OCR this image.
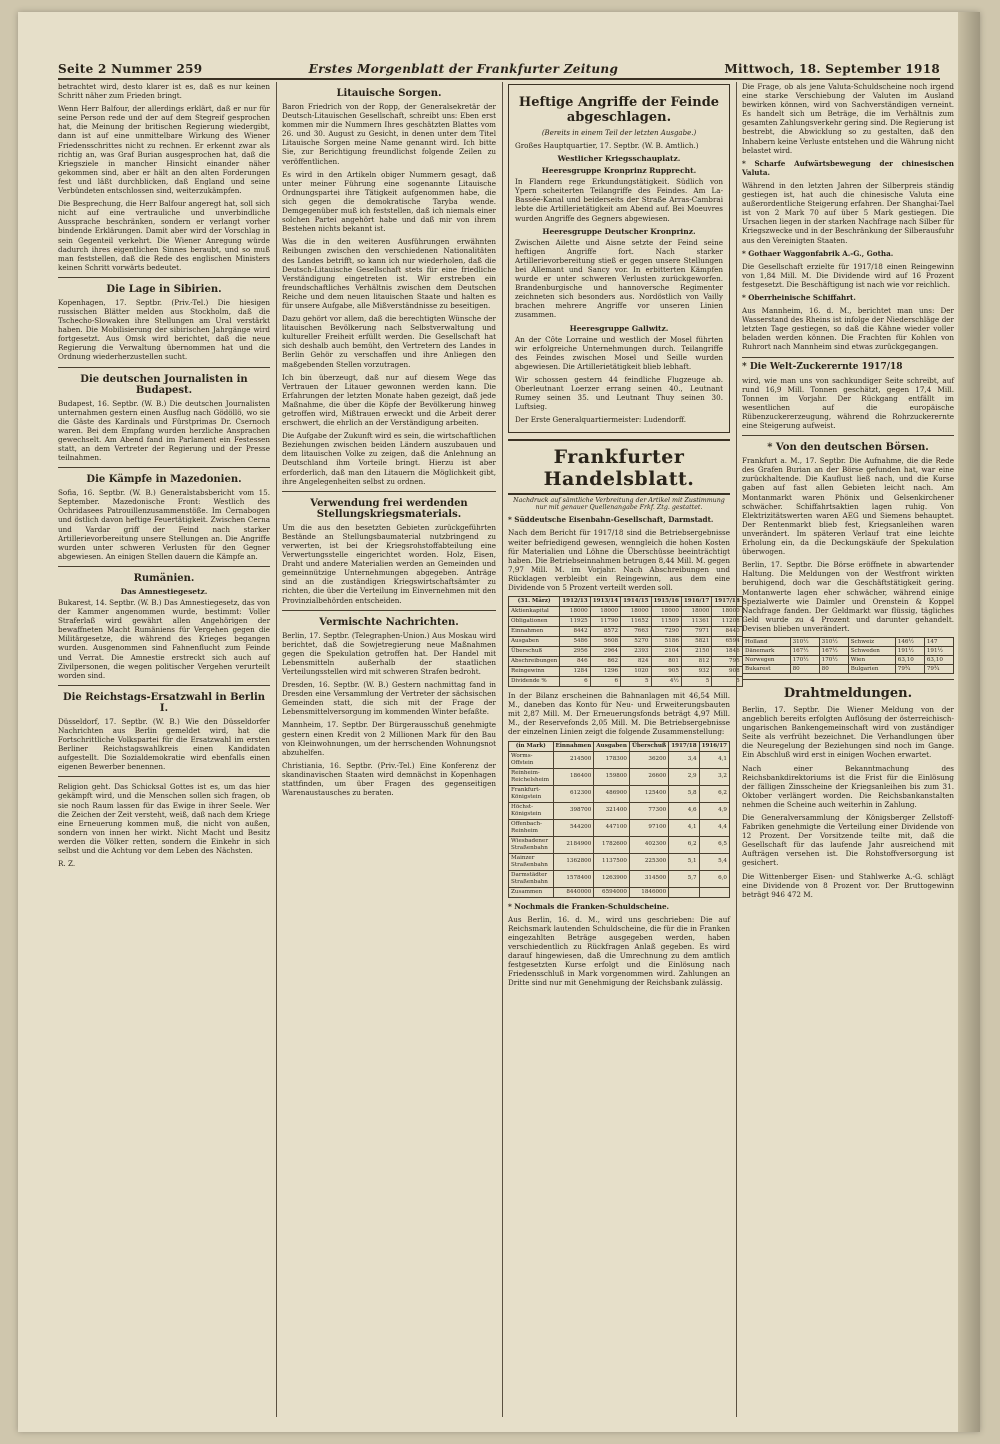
Seite 2 Nummer 259	Erstes Morgenblatt der Frankfurter Zeitung	Mittwoch, 18. September 1918

betrachtet wird, desto klarer ist es, daß es nur keinen Schritt näher zum Frieden bringt.

Wenn Herr Balfour, der allerdings erklärt, daß er nur für seine Person rede und der auf dem Stegreif gesprochen hat, die Meinung der britischen Regierung wiedergibt, dann ist auf eine unmittelbare Wirkung des Wiener Friedensschrittes nicht zu rechnen. Er erkennt zwar als richtig an, was Graf Burian ausgesprochen hat, daß die Kriegsziele in mancher Hinsicht einander näher gekommen sind, aber er hält an den alten Forderungen fest und läßt durchblicken, daß England und seine Verbündeten entschlossen sind, weiterzukämpfen.

Die Besprechung, die Herr Balfour angeregt hat, soll sich nicht auf eine vertrauliche und unverbindliche Aussprache beschränken, sondern er verlangt vorher bindende Erklärungen. Damit aber wird der Vorschlag in sein Gegenteil verkehrt. Die Wiener Anregung würde dadurch ihres eigentlichen Sinnes beraubt, und so muß man feststellen, daß die Rede des englischen Ministers keinen Schritt vorwärts bedeutet.

Die Lage in Sibirien.

Kopenhagen, 17. Septbr. (Priv.-Tel.) Die hiesigen russischen Blätter melden aus Stockholm, daß die Tschecho-Slowaken ihre Stellungen am Ural verstärkt haben. Die Mobilisierung der sibirischen Jahrgänge wird fortgesetzt. Aus Omsk wird berichtet, daß die neue Regierung die Verwaltung übernommen hat und die Ordnung wiederherzustellen sucht.

Die deutschen Journalisten in Budapest.

Budapest, 16. Septbr. (W. B.) Die deutschen Journalisten unternahmen gestern einen Ausflug nach Gödöllö, wo sie die Gäste des Kardinals und Fürstprimas Dr. Csernoch waren. Bei dem Empfang wurden herzliche Ansprachen gewechselt. Am Abend fand im Parlament ein Festessen statt, an dem Vertreter der Regierung und der Presse teilnahmen.

Die Kämpfe in Mazedonien.

Sofia, 16. Septbr. (W. B.) Generalstabsbericht vom 15. September. Mazedonische Front: Westlich des Ochridasees Patrouillenzusammenstöße. Im Cernabogen und östlich davon heftige Feuertätigkeit. Zwischen Cerna und Vardar griff der Feind nach starker Artillerievorbereitung unsere Stellungen an. Die Angriffe wurden unter schweren Verlusten für den Gegner abgewiesen. An einigen Stellen dauern die Kämpfe an.

Rumänien.
Das Amnestiegesetz.

Bukarest, 14. Septbr. (W. B.) Das Amnestiegesetz, das von der Kammer angenommen wurde, bestimmt: Voller Straferlaß wird gewährt allen Angehörigen der bewaffneten Macht Rumäniens für Vergehen gegen die Militärgesetze, die während des Krieges begangen wurden. Ausgenommen sind Fahnenflucht zum Feinde und Verrat. Die Amnestie erstreckt sich auch auf Zivilpersonen, die wegen politischer Vergehen verurteilt worden sind.

Die Reichstags-Ersatzwahl in Berlin I.

Düsseldorf, 17. Septbr. (W. B.) Wie den Düsseldorfer Nachrichten aus Berlin gemeldet wird, hat die Fortschrittliche Volkspartei für die Ersatzwahl im ersten Berliner Reichstagswahlkreis einen Kandidaten aufgestellt. Die Sozialdemokratie wird ebenfalls einen eigenen Bewerber benennen.

Religion geht. Das Schicksal Gottes ist es, um das hier gekämpft wird, und die Menschen sollen sich fragen, ob sie noch Raum lassen für das Ewige in ihrer Seele. Wer die Zeichen der Zeit versteht, weiß, daß nach dem Kriege eine Erneuerung kommen muß, die nicht von außen, sondern von innen her wirkt. Nicht Macht und Besitz werden die Völker retten, sondern die Einkehr in sich selbst und die Achtung vor dem Leben des Nächsten.

R. Z.

Litauische Sorgen.

Baron Friedrich von der Ropp, der Generalsekretär der Deutsch-Litauischen Gesellschaft, schreibt uns: Eben erst kommen mir die Nummern Ihres geschätzten Blattes vom 26. und 30. August zu Gesicht, in denen unter dem Titel Litauische Sorgen meine Name genannt wird. Ich bitte Sie, zur Berichtigung freundlichst folgende Zeilen zu veröffentlichen.

Es wird in den Artikeln obiger Nummern gesagt, daß unter meiner Führung eine sogenannte Litauische Ordnungspartei ihre Tätigkeit aufgenommen habe, die sich gegen die demokratische Taryba wende. Demgegenüber muß ich feststellen, daß ich niemals einer solchen Partei angehört habe und daß mir von ihrem Bestehen nichts bekannt ist.

Was die in den weiteren Ausführungen erwähnten Reibungen zwischen den verschiedenen Nationalitäten des Landes betrifft, so kann ich nur wiederholen, daß die Deutsch-Litauische Gesellschaft stets für eine friedliche Verständigung eingetreten ist. Wir erstreben ein freundschaftliches Verhältnis zwischen dem Deutschen Reiche und dem neuen litauischen Staate und halten es für unsere Aufgabe, alle Mißverständnisse zu beseitigen.

Dazu gehört vor allem, daß die berechtigten Wünsche der litauischen Bevölkerung nach Selbstverwaltung und kultureller Freiheit erfüllt werden. Die Gesellschaft hat sich deshalb auch bemüht, den Vertretern des Landes in Berlin Gehör zu verschaffen und ihre Anliegen den maßgebenden Stellen vorzutragen.

Ich bin überzeugt, daß nur auf diesem Wege das Vertrauen der Litauer gewonnen werden kann. Die Erfahrungen der letzten Monate haben gezeigt, daß jede Maßnahme, die über die Köpfe der Bevölkerung hinweg getroffen wird, Mißtrauen erweckt und die Arbeit derer erschwert, die ehrlich an der Verständigung arbeiten.

Die Aufgabe der Zukunft wird es sein, die wirtschaftlichen Beziehungen zwischen beiden Ländern auszubauen und dem litauischen Volke zu zeigen, daß die Anlehnung an Deutschland ihm Vorteile bringt. Hierzu ist aber erforderlich, daß man den Litauern die Möglichkeit gibt, ihre Angelegenheiten selbst zu ordnen.

Verwendung frei werdenden Stellungskriegsmaterials.

Um die aus den besetzten Gebieten zurückgeführten Bestände an Stellungsbaumaterial nutzbringend zu verwerten, ist bei der Kriegsrohstoffabteilung eine Verwertungsstelle eingerichtet worden. Holz, Eisen, Draht und andere Materialien werden an Gemeinden und gemeinnützige Unternehmungen abgegeben. Anträge sind an die zuständigen Kriegswirtschaftsämter zu richten, die über die Verteilung im Einvernehmen mit den Provinzialbehörden entscheiden.

Vermischte Nachrichten.

Berlin, 17. Septbr. (Telegraphen-Union.) Aus Moskau wird berichtet, daß die Sowjetregierung neue Maßnahmen gegen die Spekulation getroffen hat. Der Handel mit Lebensmitteln außerhalb der staatlichen Verteilungsstellen wird mit schweren Strafen bedroht.

Dresden, 16. Septbr. (W. B.) Gestern nachmittag fand in Dresden eine Versammlung der Vertreter der sächsischen Gemeinden statt, die sich mit der Frage der Lebensmittelversorgung im kommenden Winter befaßte.

Mannheim, 17. Septbr. Der Bürgerausschuß genehmigte gestern einen Kredit von 2 Millionen Mark für den Bau von Kleinwohnungen, um der herrschenden Wohnungsnot abzuhelfen.

Christiania, 16. Septbr. (Priv.-Tel.) Eine Konferenz der skandinavischen Staaten wird demnächst in Kopenhagen stattfinden, um über Fragen des gegenseitigen Warenaustausches zu beraten.

Heftige Angriffe der Feinde abgeschlagen.

(Bereits in einem Teil der letzten Ausgabe.)

Großes Hauptquartier, 17. Septbr. (W. B. Amtlich.)

Westlicher Kriegsschauplatz.
Heeresgruppe Kronprinz Rupprecht.

In Flandern rege Erkundungstätigkeit. Südlich von Ypern scheiterten Teilangriffe des Feindes. Am La-Bassée-Kanal und beiderseits der Straße Arras-Cambrai lebte die Artillerietätigkeit am Abend auf. Bei Moeuvres wurden Angriffe des Gegners abgewiesen.

Heeresgruppe Deutscher Kronprinz.

Zwischen Ailette und Aisne setzte der Feind seine heftigen Angriffe fort. Nach starker Artillerievorbereitung stieß er gegen unsere Stellungen bei Allemant und Sancy vor. In erbitterten Kämpfen wurde er unter schweren Verlusten zurückgeworfen. Brandenburgische und hannoversche Regimenter zeichneten sich besonders aus. Nordöstlich von Vailly brachen mehrere Angriffe vor unseren Linien zusammen.

Heeresgruppe Gallwitz.

An der Côte Lorraine und westlich der Mosel führten wir erfolgreiche Unternehmungen durch. Teilangriffe des Feindes zwischen Mosel und Seille wurden abgewiesen. Die Artillerietätigkeit blieb lebhaft.

Wir schossen gestern 44 feindliche Flugzeuge ab. Oberleutnant Loerzer errang seinen 40., Leutnant Rumey seinen 35. und Leutnant Thuy seinen 30. Luftsieg.

Der Erste Generalquartiermeister: Ludendorff.

Frankfurter Handelsblatt.
Nachdruck auf sämtliche Verbreitung der Artikel mit Zustimmung nur mit genauer Quellenangabe Frkf. Ztg. gestattet.

* Süddeutsche Eisenbahn-Gesellschaft, Darmstadt.

Nach dem Bericht für 1917/18 sind die Betriebsergebnisse weiter befriedigend gewesen, wenngleich die hohen Kosten für Materialien und Löhne die Überschüsse beeinträchtigt haben. Die Betriebseinnahmen betrugen 8,44 Mill. M. gegen 7,97 Mill. M. im Vorjahr. Nach Abschreibungen und Rücklagen verbleibt ein Reingewinn, aus dem eine Dividende von 5 Prozent verteilt werden soll.

(31. März)	1912/13	1913/14	1914/15	1915/16	1916/17	1917/18
Aktienkapital	18000	18000	18000	18000	18000	18000
Obligationen	11925	11790	11652	11509	11361	11208
Einnahmen	8442	8572	7663	7290	7971	8440
Ausgaben	5486	5608	5270	5186	5821	6594
Überschuß	2956	2964	2393	2104	2150	1846
Abschreibungen	846	862	824	801	812	795
Reingewinn	1284	1296	1020	905	932	908
Dividende %	6	6	5	4½	5	5

In der Bilanz erscheinen die Bahnanlagen mit 46,54 Mill. M., daneben das Konto für Neu- und Erweiterungsbauten mit 2,87 Mill. M. Der Erneuerungsfonds beträgt 4,97 Mill. M., der Reservefonds 2,05 Mill. M. Die Betriebsergebnisse der einzelnen Linien zeigt die folgende Zusammenstellung:

(in Mark)	Einnahmen	Ausgaben	Überschuß	1917/18	1916/17
Worms-Offstein	214500	178300	36200	3,4	4,1
Reinheim-Reichelsheim	186400	159800	26600	2,9	3,2
Frankfurt-Königstein	612300	486900	125400	5,8	6,2
Höchst-Königstein	398700	321400	77300	4,6	4,9
Offenbach-Reinheim	544200	447100	97100	4,1	4,4
Wiesbadener Straßenbahn	2184900	1782600	402300	6,2	6,5
Mainzer Straßenbahn	1362800	1137500	225300	5,1	5,4
Darmstädter Straßenbahn	1578400	1263900	314500	5,7	6,0
Zusammen	8440000	6594000	1846000		

* Nochmals die Franken-Schuldscheine.

Aus Berlin, 16. d. M., wird uns geschrieben: Die auf Reichsmark lautenden Schuldscheine, die für die in Franken eingezahlten Beträge ausgegeben werden, haben verschiedentlich zu Rückfragen Anlaß gegeben. Es wird darauf hingewiesen, daß die Umrechnung zu dem amtlich festgesetzten Kurse erfolgt und die Einlösung nach Friedensschluß in Mark vorgenommen wird. Zahlungen an Dritte sind nur mit Genehmigung der Reichsbank zulässig.

Die Frage, ob als jene Valuta-Schuldscheine noch irgend eine starke Verschiebung der Valuten im Ausland bewirken können, wird von Sachverständigen verneint. Es handelt sich um Beträge, die im Verhältnis zum gesamten Zahlungsverkehr gering sind. Die Regierung ist bestrebt, die Abwicklung so zu gestalten, daß den Inhabern keine Verluste entstehen und die Währung nicht belastet wird.

* Scharfe Aufwärtsbewegung der chinesischen Valuta.

Während in den letzten Jahren der Silberpreis ständig gestiegen ist, hat auch die chinesische Valuta eine außerordentliche Steigerung erfahren. Der Shanghai-Tael ist von 2 Mark 70 auf über 5 Mark gestiegen. Die Ursachen liegen in der starken Nachfrage nach Silber für Kriegszwecke und in der Beschränkung der Silberausfuhr aus den Vereinigten Staaten.

* Gothaer Waggonfabrik A.-G., Gotha.

Die Gesellschaft erzielte für 1917/18 einen Reingewinn von 1,84 Mill. M. Die Dividende wird auf 16 Prozent festgesetzt. Die Beschäftigung ist nach wie vor reichlich.

* Oberrheinische Schiffahrt.

Aus Mannheim, 16. d. M., berichtet man uns: Der Wasserstand des Rheins ist infolge der Niederschläge der letzten Tage gestiegen, so daß die Kähne wieder voller beladen werden können. Die Frachten für Kohlen von Ruhrort nach Mannheim sind etwas zurückgegangen.

* Die Welt-Zuckerernte 1917/18

wird, wie man uns von sachkundiger Seite schreibt, auf rund 16,9 Mill. Tonnen geschätzt, gegen 17,4 Mill. Tonnen im Vorjahr. Der Rückgang entfällt im wesentlichen auf die europäische Rübenzuckererzeugung, während die Rohrzuckerernte eine Steigerung aufweist.

* Von den deutschen Börsen.

Frankfurt a. M., 17. Septbr. Die Aufnahme, die die Rede des Grafen Burian an der Börse gefunden hat, war eine zurückhaltende. Die Kauflust ließ nach, und die Kurse gaben auf fast allen Gebieten leicht nach. Am Montanmarkt waren Phönix und Gelsenkirchener schwächer. Schiffahrtsaktien lagen ruhig. Von Elektrizitätswerten waren AEG und Siemens behauptet. Der Rentenmarkt blieb fest, Kriegsanleihen waren unverändert. Im späteren Verlauf trat eine leichte Erholung ein, da die Deckungskäufe der Spekulation überwogen.

Berlin, 17. Septbr. Die Börse eröffnete in abwartender Haltung. Die Meldungen von der Westfront wirkten beruhigend, doch war die Geschäftstätigkeit gering. Montanwerte lagen eher schwächer, während einige Spezialwerte wie Daimler und Orenstein & Koppel Nachfrage fanden. Der Geldmarkt war flüssig, tägliches Geld wurde zu 4 Prozent und darunter gehandelt. Devisen blieben unverändert.

Holland	310½	310½	Schweiz	146½	147
Dänemark	167½	167½	Schweden	191½	191½
Norwegen	170½	170½	Wien	63,10	63,10
Bukarest	80	80	Bulgarien	79¾	79¾
Drahtmeldungen.

Berlin, 17. Septbr. Die Wiener Meldung von der angeblich bereits erfolgten Auflösung der österreichisch-ungarischen Bankengemeinschaft wird von zuständiger Seite als verfrüht bezeichnet. Die Verhandlungen über die Neuregelung der Beziehungen sind noch im Gange. Ein Abschluß wird erst in einigen Wochen erwartet.

Nach einer Bekanntmachung des Reichsbankdirektoriums ist die Frist für die Einlösung der fälligen Zinsscheine der Kriegsanleihen bis zum 31. Oktober verlängert worden. Die Reichsbankanstalten nehmen die Scheine auch weiterhin in Zahlung.

Die Generalversammlung der Königsberger Zellstoff-Fabriken genehmigte die Verteilung einer Dividende von 12 Prozent. Der Vorsitzende teilte mit, daß die Gesellschaft für das laufende Jahr ausreichend mit Aufträgen versehen ist. Die Rohstoffversorgung ist gesichert.

Die Wittenberger Eisen- und Stahlwerke A.-G. schlägt eine Dividende von 8 Prozent vor. Der Bruttogewinn beträgt 946 472 M.
